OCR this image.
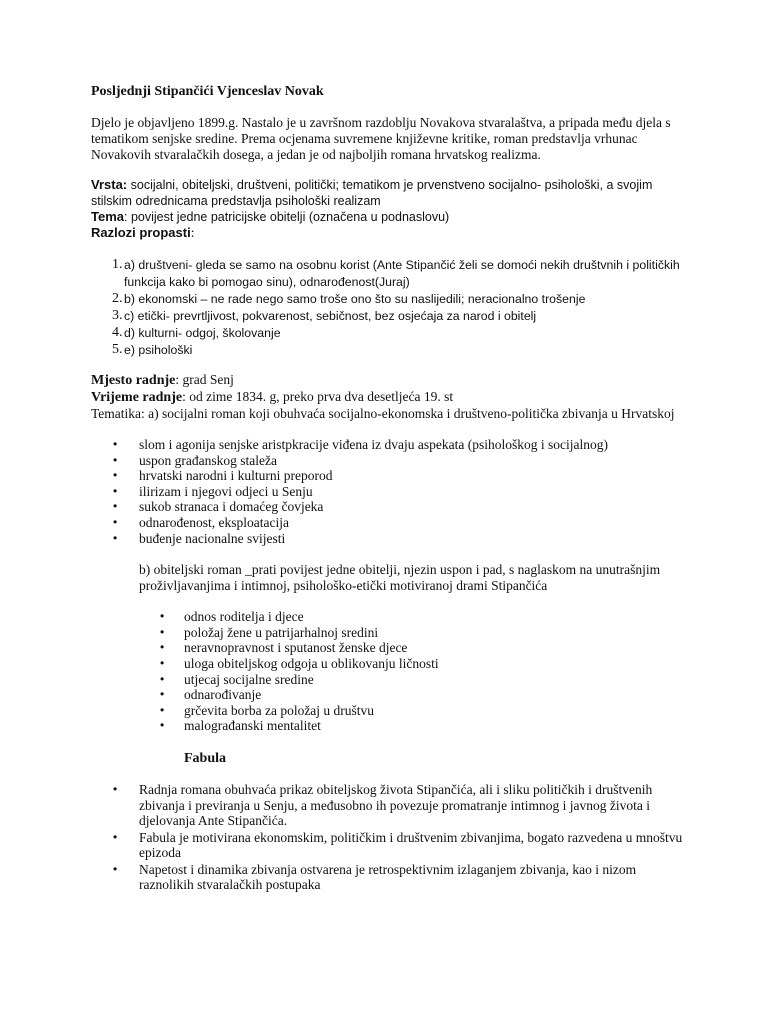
Posljednji Stipančići Vjenceslav Novak

Djelo je objavljeno 1899.g. Nastalo je u završnom razdoblju Novakova stvaralaštva, a pripada među djela s tematikom senjske sredine. Prema ocjenama suvremene književne kritike, roman predstavlja vrhunac Novakovih stvaralačkih dosega, a jedan je od najboljih romana hrvatskog realizma.

Vrsta: socijalni, obiteljski, društveni, politički; tematikom je prvenstveno socijalno- psihološki, a svojim stilskim odrednicama predstavlja psihološki realizam

Tema: povijest jedne patricijske obitelji (označena u podnaslovu)

Razlozi propasti:

1. a) društveni- gleda se samo na osobnu korist (Ante Stipančić želi se domoći nekih društvnih i političkih funkcija kako bi pomogao sinu), odnarođenost(Juraj)
2. b) ekonomski – ne rade nego samo troše ono što su naslijedili; neracionalno trošenje
3. c) etički- prevrtljivost, pokvarenost, sebičnost, bez osjećaja za narod i obitelj
4. d) kulturni- odgoj, školovanje
5. e) psihološki

Mjesto radnje: grad Senj

Vrijeme radnje: od zime 1834. g, preko prva dva desetljeća 19. st

Tematika: a) socijalni roman koji obuhvaća socijalno-ekonomska i društveno-politička zbivanja u Hrvatskoj

• slom i agonija senjske aristpkracije viđena iz dvaju aspekata (psihološkog i socijalnog)
• uspon građanskog staleža
• hrvatski narodni i kulturni preporod
• ilirizam i njegovi odjeci u Senju
• sukob stranaca i domaćeg čovjeka
• odnarođenost, eksploatacija
• buđenje nacionalne svijesti

b) obiteljski roman _prati povijest jedne obitelji, njezin uspon i pad, s naglaskom na unutrašnjim proživljavanjima i intimnoj, psihološko-etički motiviranoj drami Stipančića

• odnos roditelja i djece
• položaj žene u patrijarhalnoj sredini
• neravnopravnost i sputanost ženske djece
• uloga obiteljskog odgoja u oblikovanju ličnosti
• utjecaj socijalne sredine
• odnarođivanje
• grčevita borba za položaj u društvu
• malograđanski mentalitet

Fabula

• Radnja romana obuhvaća prikaz obiteljskog života Stipančića, ali i sliku političkih i društvenih zbivanja i previranja u Senju, a međusobno ih povezuje promatranje intimnog i javnog života i djelovanja Ante Stipančića.
• Fabula je motivirana ekonomskim, političkim i društvenim zbivanjima, bogato razvedena u mnoštvu epizoda
• Napetost i dinamika zbivanja ostvarena je retrospektivnim izlaganjem zbivanja, kao i nizom raznolikih stvaralačkih postupaka
